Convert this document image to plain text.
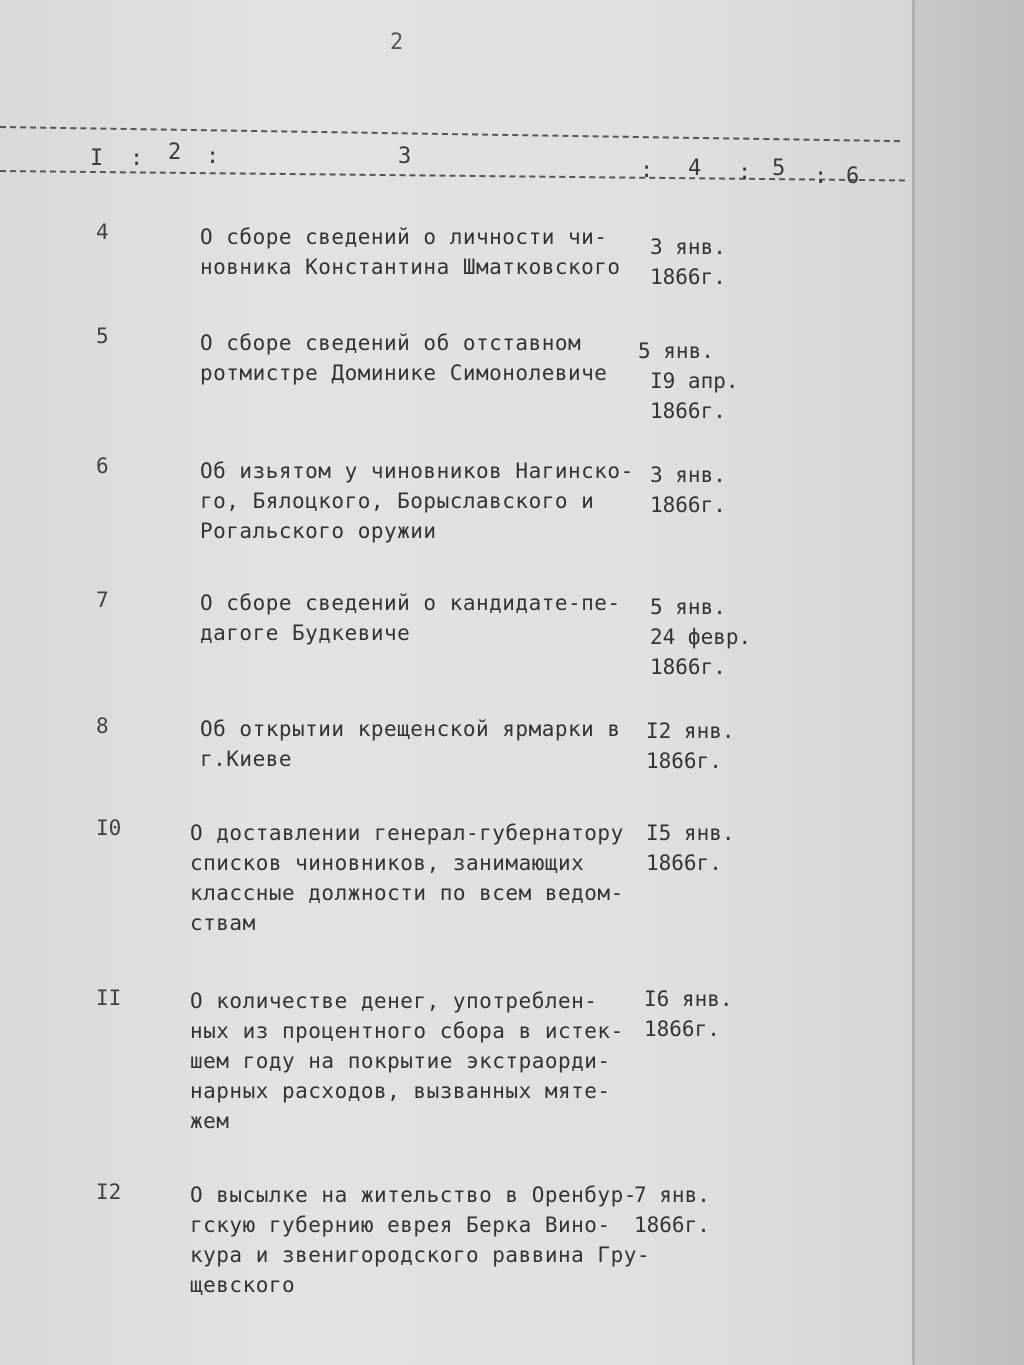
2
I : 2 :	3
: 4 : 5 : 6
4	О сборе сведений о личности чи-
новника Константина Шматковского
3 янв.
1866г.
5	О сборе сведений об отставном
ротмистре Доминике Симонолевиче
5 янв.
I9 апр.
1866г.
6	Об изьятом у чиновников Нагинско-
го, Бялоцкого, Борыславского и
Рогальского оружии
3 янв.
1866г.
7	О сборе сведений о кандидате-пе-
дагоге Будкевиче
5 янв.
24 февр.
1866г.
8	Об открытии крещенской ярмарки в
г.Киеве
I2 янв.
1866г.
I0	О доставлении генерал-губернатору
списков чиновников, занимающих
классные должности по всем ведом-
ствам
I5 янв.
1866г.
II	О количестве денег, употреблен-
ных из процентного сбора в истек-
шем году на покрытие экстраорди-
нарных расходов, вызванных мяте-
жем
I6 янв.
1866г.
I2	О высылке на жительство в Оренбур-
гскую губернию еврея Берка Вино-
кура и звенигородского раввина Гру-
щевского
7 янв.
1866г.
